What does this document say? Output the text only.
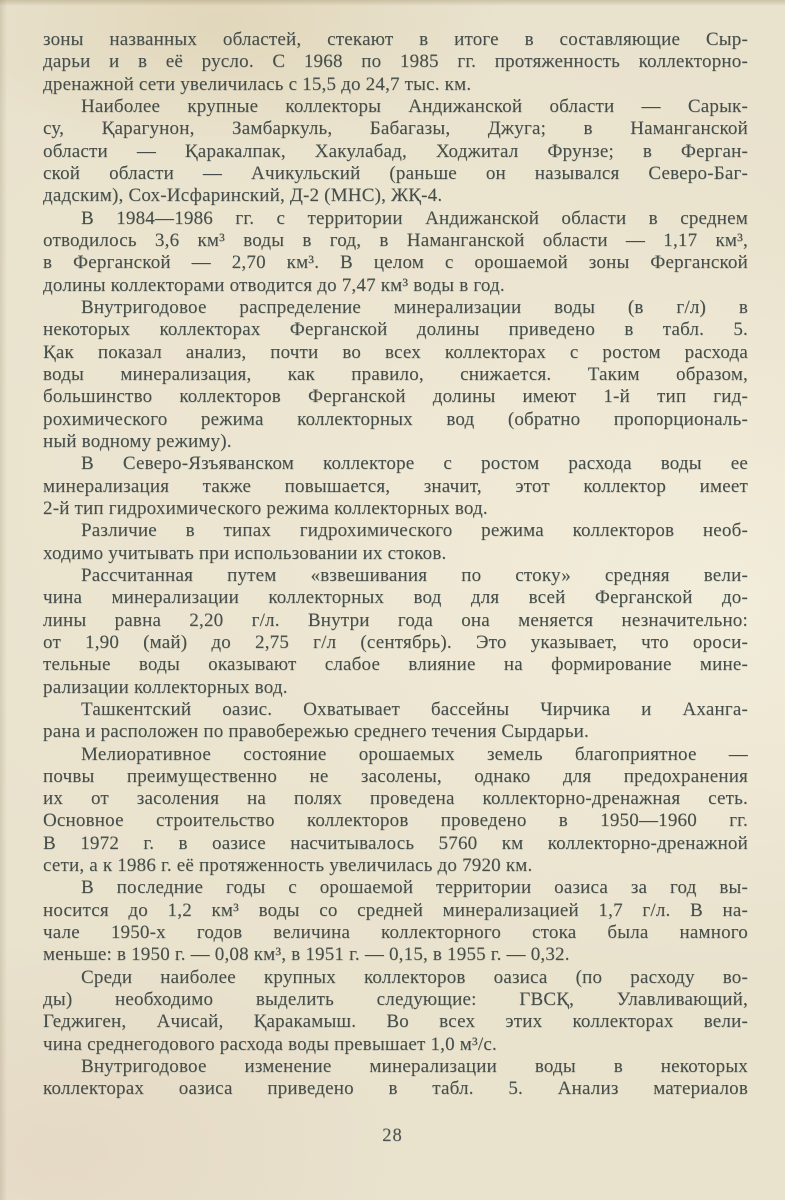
зоны названных областей, стекают в итоге в составляющие Сыр-
дарьи и в её русло. С 1968 по 1985 гг. протяженность коллекторно-
дренажной сети увеличилась с 15,5 до 24,7 тыс. км.
Наиболее крупные коллекторы Андижанской области — Сарык-
су, Қарагунон, Замбаркуль, Бабагазы, Джуга; в Наманганской
области — Қаракалпак, Хакулабад, Ходжитал Фрунзе; в Ферган-
ской области — Ачикульский (раньше он назывался Северо-Баг-
дадским), Сох-Исфаринский, Д-2 (МНС), ЖҚ-4.
В 1984—1986 гг. с территории Андижанской области в среднем
отводилось 3,6 км³ воды в год, в Наманганской области — 1,17 км³,
в Ферганской — 2,70 км³. В целом с орошаемой зоны Ферганской
долины коллекторами отводится до 7,47 км³ воды в год.
Внутригодовое распределение минерализации воды (в г/л) в
некоторых коллекторах Ферганской долины приведено в табл. 5.
Қак показал анализ, почти во всех коллекторах с ростом расхода
воды минерализация, как правило, снижается. Таким образом,
большинство коллекторов Ферганской долины имеют 1-й тип гид-
рохимического режима коллекторных вод (обратно пропорциональ-
ный водному режиму).
В Северо-Язъяванском коллекторе с ростом расхода воды ее
минерализация также повышается, значит, этот коллектор имеет
2-й тип гидрохимического режима коллекторных вод.
Различие в типах гидрохимического режима коллекторов необ-
ходимо учитывать при использовании их стоков.
Рассчитанная путем «взвешивания по стоку» средняя вели-
чина минерализации коллекторных вод для всей Ферганской до-
лины равна 2,20 г/л. Внутри года она меняется незначительно:
от 1,90 (май) до 2,75 г/л (сентябрь). Это указывает, что ороси-
тельные воды оказывают слабое влияние на формирование мине-
рализации коллекторных вод.
Ташкентский оазис. Охватывает бассейны Чирчика и Аханга-
рана и расположен по правобережью среднего течения Сырдарьи.
Мелиоративное состояние орошаемых земель благоприятное —
почвы преимущественно не засолены, однако для предохранения
их от засоления на полях проведена коллекторно-дренажная сеть.
Основное строительство коллекторов проведено в 1950—1960 гг.
В 1972 г. в оазисе насчитывалось 5760 км коллекторно-дренажной
сети, а к 1986 г. её протяженность увеличилась до 7920 км.
В последние годы с орошаемой территории оазиса за год вы-
носится до 1,2 км³ воды со средней минерализацией 1,7 г/л. В на-
чале 1950-х годов величина коллекторного стока была намного
меньше: в 1950 г. — 0,08 км³, в 1951 г. — 0,15, в 1955 г. — 0,32.
Среди наиболее крупных коллекторов оазиса (по расходу во-
ды) необходимо выделить следующие: ГВСҚ, Улавливающий,
Геджиген, Ачисай, Қаракамыш. Во всех этих коллекторах вели-
чина среднегодового расхода воды превышает 1,0 м³/с.
Внутригодовое изменение минерализации воды в некоторых
коллекторах оазиса приведено в табл. 5. Анализ материалов
28
